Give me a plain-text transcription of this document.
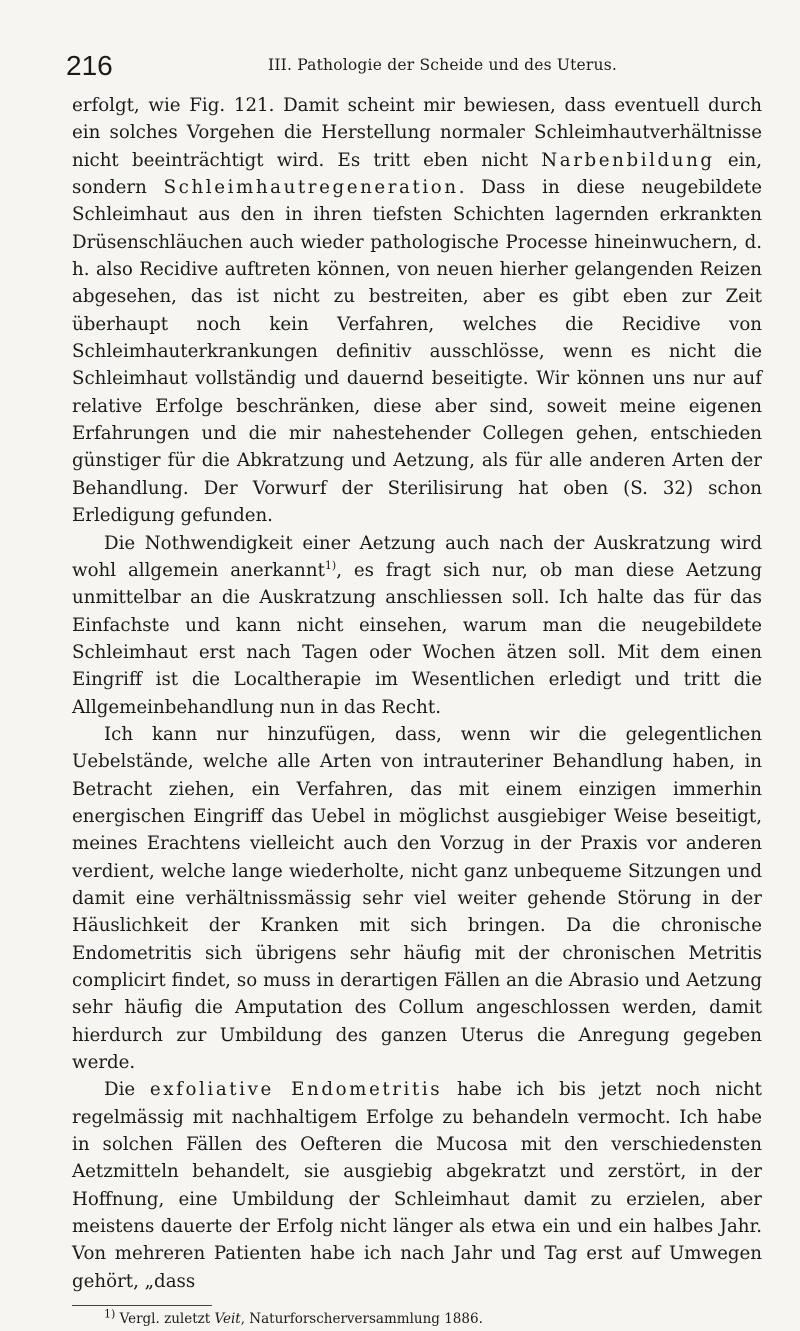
216	III. Pathologie der Scheide und des Uterus.

erfolgt, wie Fig. 121. Damit scheint mir bewiesen, dass eventuell durch ein solches Vorgehen die Herstellung normaler Schleimhautverhältnisse nicht beeinträchtigt wird. Es tritt eben nicht Narbenbildung ein, sondern Schleimhautregeneration. Dass in diese neugebildete Schleimhaut aus den in ihren tiefsten Schichten lagernden erkrankten Drüsenschläuchen auch wieder pathologische Processe hineinwuchern, d. h. also Recidive auftreten können, von neuen hierher gelangenden Reizen abgesehen, das ist nicht zu bestreiten, aber es gibt eben zur Zeit überhaupt noch kein Verfahren, welches die Recidive von Schleimhauterkrankungen definitiv ausschlösse, wenn es nicht die Schleimhaut vollständig und dauernd beseitigte. Wir können uns nur auf relative Erfolge beschränken, diese aber sind, soweit meine eigenen Erfahrungen und die mir nahestehender Collegen gehen, entschieden günstiger für die Abkratzung und Aetzung, als für alle anderen Arten der Behandlung. Der Vorwurf der Sterilisirung hat oben (S. 32) schon Erledigung gefunden.

Die Nothwendigkeit einer Aetzung auch nach der Auskratzung wird wohl allgemein anerkannt$^{1)}$, es fragt sich nur, ob man diese Aetzung unmittelbar an die Auskratzung anschliessen soll. Ich halte das für das Einfachste und kann nicht einsehen, warum man die neugebildete Schleimhaut erst nach Tagen oder Wochen ätzen soll. Mit dem einen Eingriff ist die Localtherapie im Wesentlichen erledigt und tritt die Allgemeinbehandlung nun in das Recht.

Ich kann nur hinzufügen, dass, wenn wir die gelegentlichen Uebelstände, welche alle Arten von intrauteriner Behandlung haben, in Betracht ziehen, ein Verfahren, das mit einem einzigen immerhin energischen Eingriff das Uebel in möglichst ausgiebiger Weise beseitigt, meines Erachtens vielleicht auch den Vorzug in der Praxis vor anderen verdient, welche lange wiederholte, nicht ganz unbequeme Sitzungen und damit eine verhältnissmässig sehr viel weiter gehende Störung in der Häuslichkeit der Kranken mit sich bringen. Da die chronische Endometritis sich übrigens sehr häufig mit der chronischen Metritis complicirt findet, so muss in derartigen Fällen an die Abrasio und Aetzung sehr häufig die Amputation des Collum angeschlossen werden, damit hierdurch zur Umbildung des ganzen Uterus die Anregung gegeben werde.

Die exfoliative Endometritis habe ich bis jetzt noch nicht regelmässig mit nachhaltigem Erfolge zu behandeln vermocht. Ich habe in solchen Fällen des Oefteren die Mucosa mit den verschiedensten Aetzmitteln behandelt, sie ausgiebig abgekratzt und zerstört, in der Hoffnung, eine Umbildung der Schleimhaut damit zu erzielen, aber meistens dauerte der Erfolg nicht länger als etwa ein und ein halbes Jahr. Von mehreren Patienten habe ich nach Jahr und Tag erst auf Umwegen gehört, „dass

$^{1)}$ Vergl. zuletzt Veit, Naturforscherversammlung 1886.
